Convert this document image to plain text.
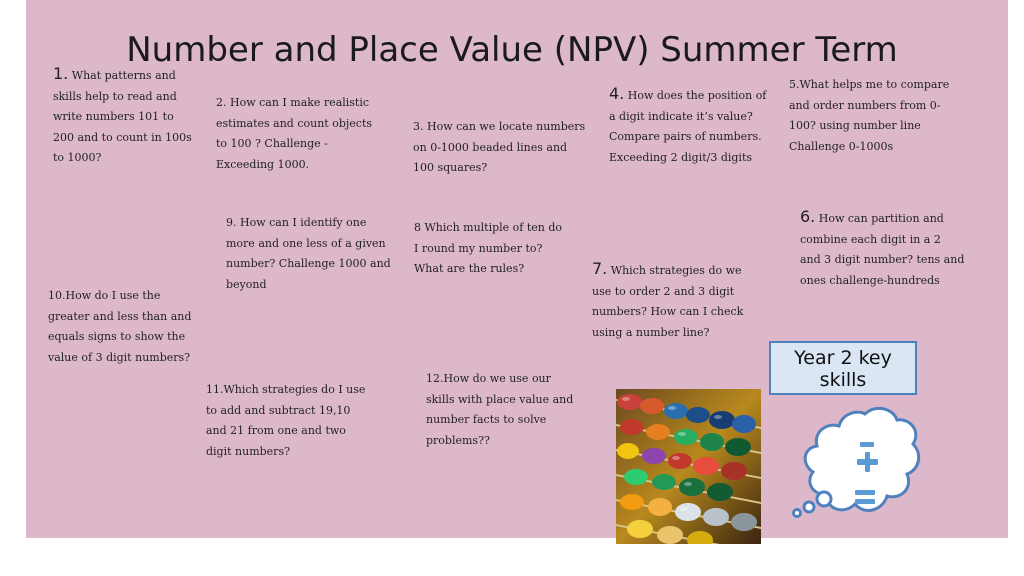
Number and Place Value (NPV) Summer Term

1. What patterns and skills help to read and write numbers 101 to 200 and to count in 100s to 1000?

2. How can I make realistic estimates and count objects to 100 ? Challenge -Exceeding 1000.

3. How can we locate numbers on 0-1000 beaded lines and 100 squares?

4. How does the position of a digit indicate it’s value? Compare pairs of numbers. Exceeding 2 digit/3 digits

5.What helps me to compare and order numbers from 0-100? using number line Challenge 0-1000s

6. How can partition and combine each digit in a 2 and 3 digit number? tens and ones challenge-hundreds

7. Which strategies do we use to order 2 and 3 digit numbers? How can I check using a number line?

8 Which multiple of ten do I round my number to? What are the rules?

9. How can I identify one more and one less of a given number? Challenge 1000 and beyond

10.How do I use the greater and less than and equals signs to show the value of 3 digit numbers?

11.Which strategies do I use to add and subtract 19,10 and 21 from one and two digit numbers?

12.How do we use our skills with place value and number facts to solve problems??

Year 2 key skills
